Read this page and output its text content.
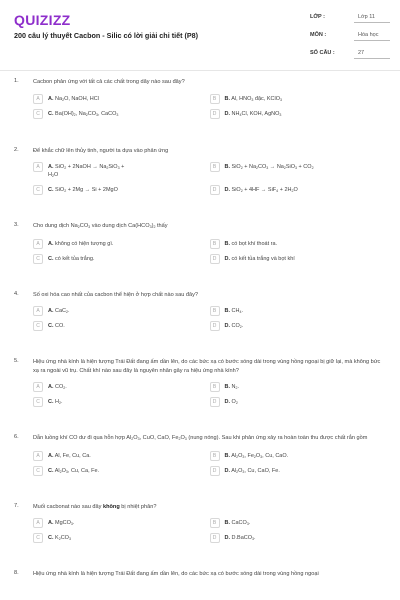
QUIZIZZ
200 câu lý thuyết Cacbon - Silic có lời giải chi tiết (P8)
LỚP :	Lớp 11
MÔN :	Hóa học
SỐ CÂU :	27
1.	Cacbon phản ứng với tất cả các chất trong dãy nào sau đây?
A	A. $Na_2O$, NaOH, HCl	B	B. Al, $HNO_3$ đặc, KClO$_3$
C	C. $Ba(OH)_2$, $Na_2CO_3$, CaCO$_3$	D	D. $NH_4Cl$, KOH, AgNO$_3$
2.	Để khắc chữ lên thủy tinh, người ta dựa vào phản ứng
A	A. SiO$_2$ + 2NaOH → $Na_2SiO_3$ +
$H_2O$
B	B. $SiO_2 + Na_2CO_3 \to Na_2SiO_3 + CO_2$
C	C. SiO$_2$ + 2Mg → Si + 2MgO	D	D. $SiO_2 + 4HF \to SiF_4 + 2H_2O$
3.	Cho dung dịch $Na_2CO_3$ vào dung dịch $Ca(HCO_3)_2$ thấy
A	A. không có hiện tượng gì.	B	B. có bọt khí thoát ra.
C	C. có kết tủa trắng.	D	D. có kết tủa trắng và bọt khí
4.	Số oxi hóa cao nhất của cacbon thể hiện ở hợp chất nào sau đây?
A	A. CaC$_2$.	B	B. $CH_4$.
C	C. CO.	D	D. $CO_2$.
5.	Hiệu ứng nhà kính là hiện tượng Trái Đất đang ấm dần lên, do các bức xạ có bước sóng dài trong vùng hồng ngoại bị giữ lại, mà không bức xạ ra ngoài vũ trụ. Chất khí nào sau đây là nguyên nhân gây ra hiệu ứng nhà kính?
A	A. $CO_2$.	B	B. $N_2$.
C	C. $H_2$.	D	D. $O_2$
6.	Dẫn luồng khí CO dư đi qua hỗn hợp $Al_2O_3$, CuO, CaO, $Fe_2O_3$ (nung nóng). Sau khi phản ứng xảy ra hoàn toàn thu được chất rắn gồm
A	A. Al, Fe, Cu, Ca.	B	B. $Al_2O_3$, $Fe_2O_3$, Cu, CaO.
C	C. $Al_2O_3$, Cu, Ca, Fe.	D	D. $Al_2O_3$, Cu, CaO, Fe.
7.	Muối cacbonat nào sau đây không bị nhiệt phân?
A	A. MgCO$_3$.	B	B. CaCO$_3$.
C	C. $K_2CO_3$	D	D. D.BaCO$_3$.
8.	Hiệu ứng nhà kính là hiện tượng Trái Đất đang ấm dần lên, do các bức xạ có bước sóng dài trong vùng hồng ngoại
